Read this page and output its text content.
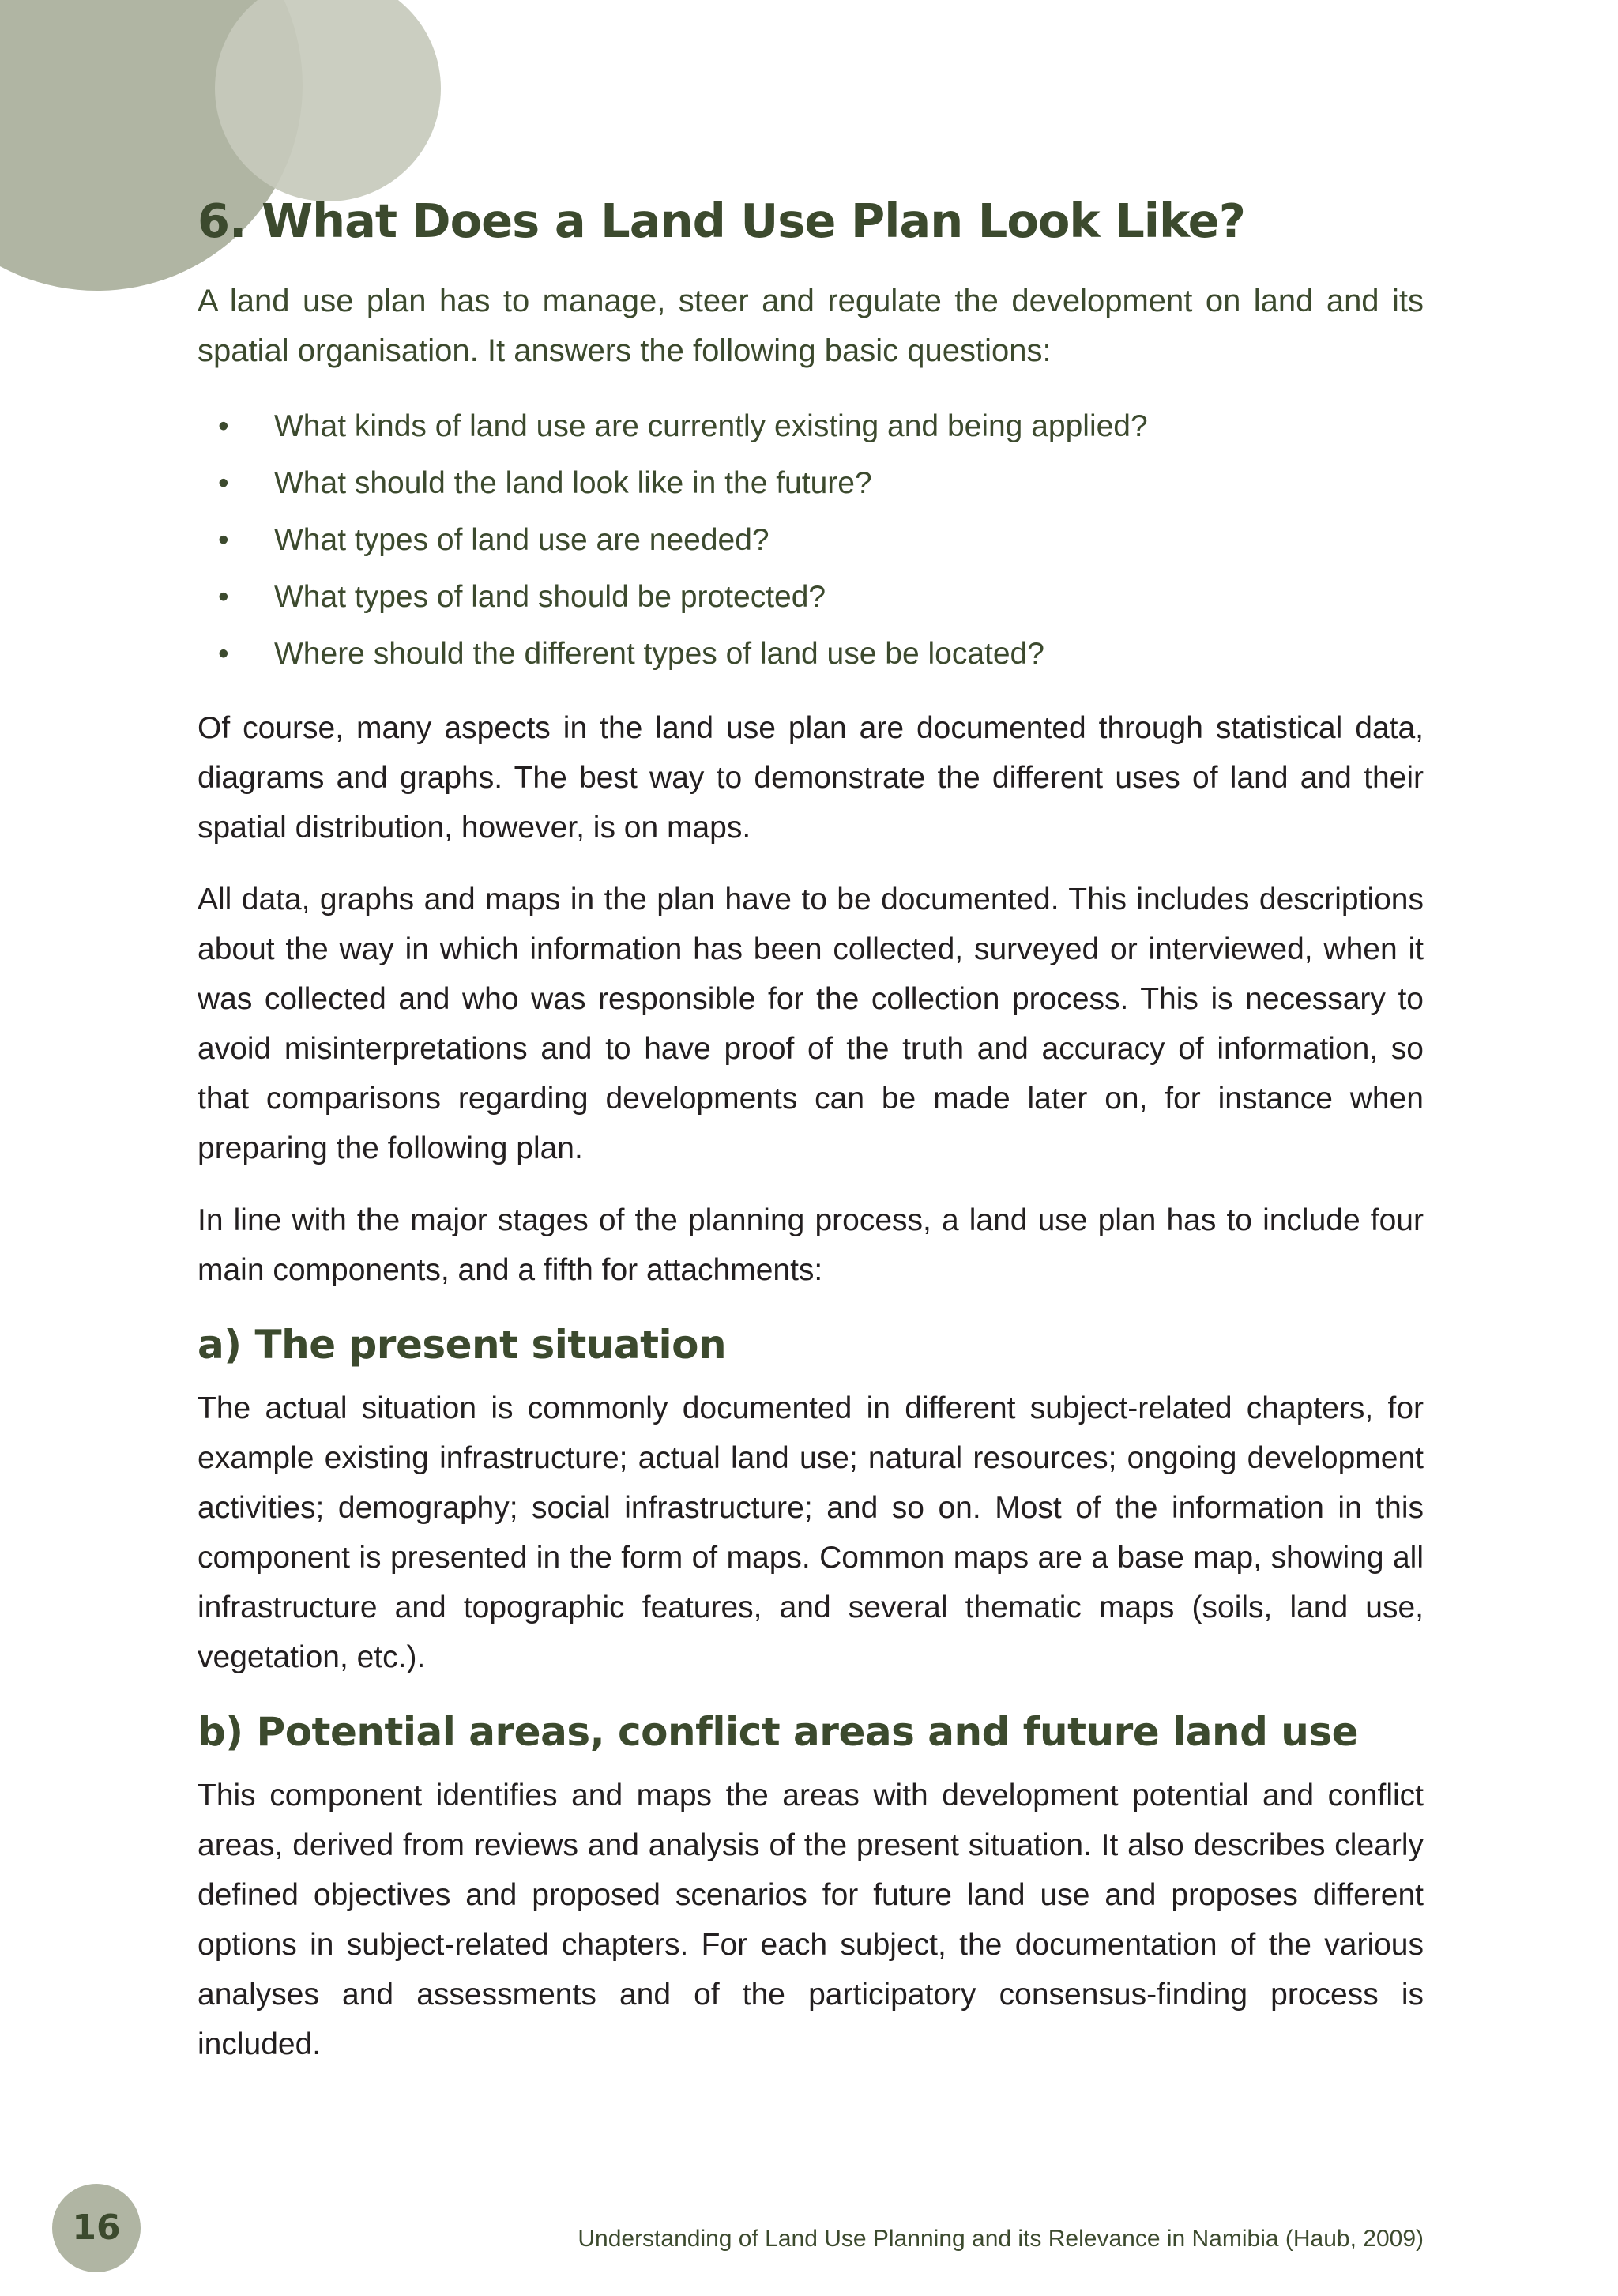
6. What Does a Land Use Plan Look Like?

A land use plan has to manage, steer and regulate the development on land and its spatial organisation. It answers the following basic questions:

• What kinds of land use are currently existing and being applied?
• What should the land look like in the future?
• What types of land use are needed?
• What types of land should be protected?
• Where should the different types of land use be located?

Of course, many aspects in the land use plan are documented through statistical data, diagrams and graphs. The best way to demonstrate the different uses of land and their spatial distribution, however, is on maps.

All data, graphs and maps in the plan have to be documented. This includes descriptions about the way in which information has been collected, surveyed or interviewed, when it was collected and who was responsible for the collection process. This is necessary to avoid misinterpretations and to have proof of the truth and accuracy of information, so that comparisons regarding developments can be made later on, for instance when preparing the following plan.

In line with the major stages of the planning process, a land use plan has to include four main components, and a fifth for attachments:

a) The present situation

The actual situation is commonly documented in different subject-related chapters, for example existing infrastructure; actual land use; natural resources; ongoing development activities; demography; social infrastructure; and so on. Most of the information in this component is presented in the form of maps. Common maps are a base map, showing all infrastructure and topographic features, and several thematic maps (soils, land use, vegetation, etc.).

b) Potential areas, conflict areas and future land use

This component identifies and maps the areas with development potential and conflict areas, derived from reviews and analysis of the present situation. It also describes clearly defined objectives and proposed scenarios for future land use and proposes different options in subject-related chapters. For each subject, the documentation of the various analyses and assessments and of the participatory consensus-finding process is included.

16	Understanding of Land Use Planning and its Relevance in Namibia (Haub, 2009)
